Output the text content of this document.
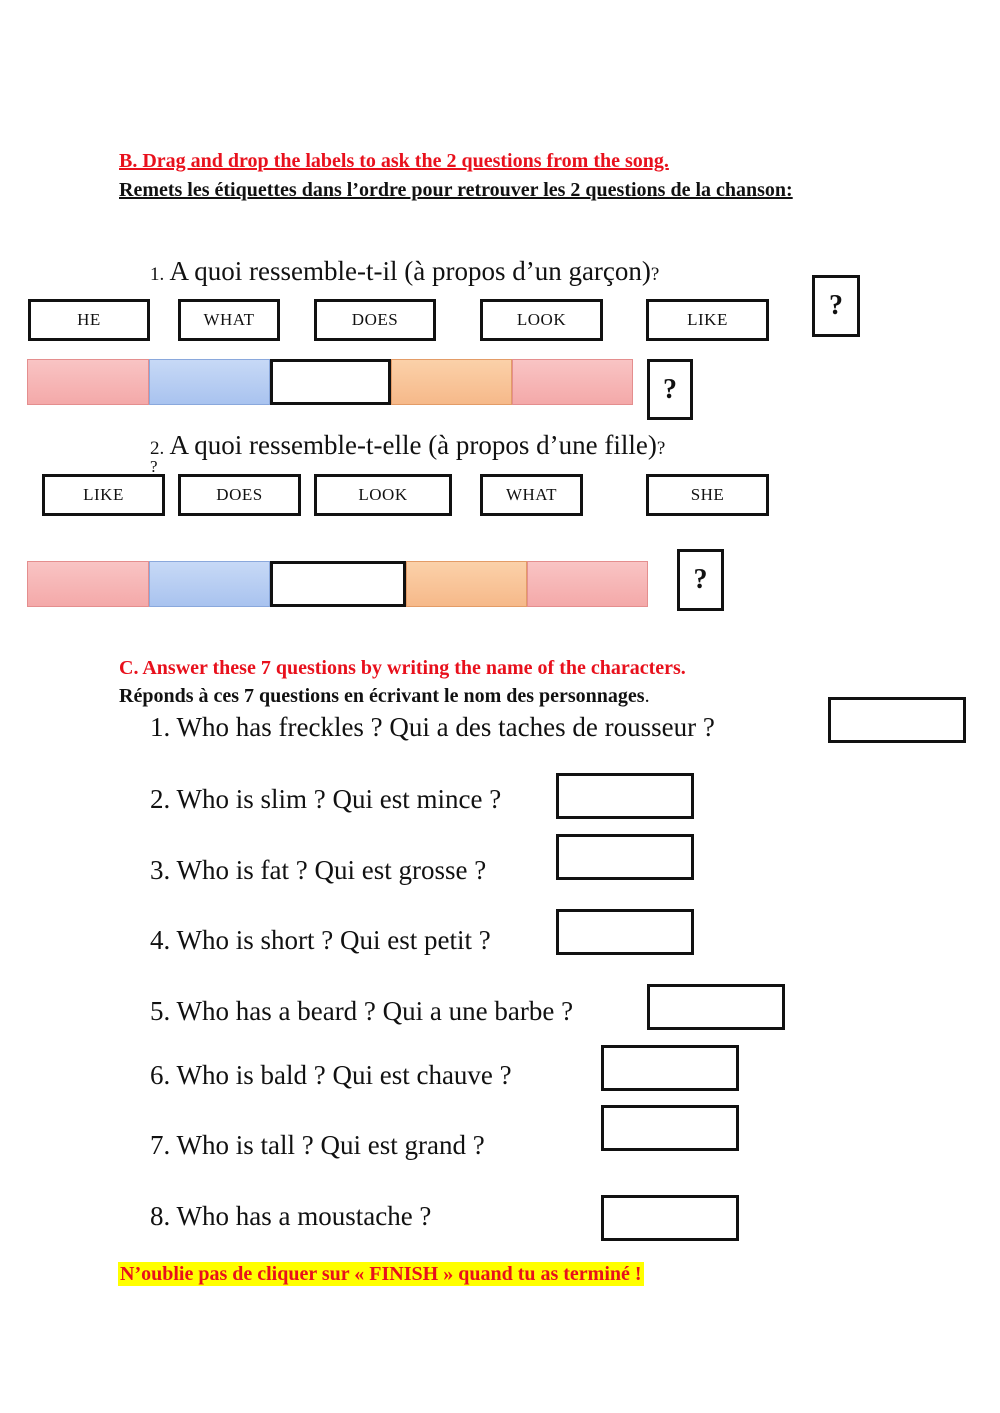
B. Drag and drop the labels to ask the 2 questions from the song.
Remets les étiquettes dans l’ordre pour retrouver les 2 questions de la chanson:
1. A quoi ressemble-t-il (à propos d’un garçon)?
?
HE	WHAT	DOES	LOOK	LIKE
?
2. A quoi ressemble-t-elle (à propos d’une fille)?
?
LIKE	DOES	LOOK	WHAT	SHE
?
C. Answer these 7 questions by writing the name of the characters.
Réponds à ces 7 questions en écrivant le nom des personnages.
1. Who has freckles ? Qui a des taches de rousseur ?
2. Who is slim ? Qui est mince ?
3. Who is fat ? Qui est grosse ?
4. Who is short ? Qui est petit ?
5. Who has a beard ? Qui a une barbe ?
6. Who is bald ? Qui est chauve ?
7. Who is tall ? Qui est grand ?
8. Who has a moustache ?
N’oublie pas de cliquer sur « FINISH » quand tu as terminé !
